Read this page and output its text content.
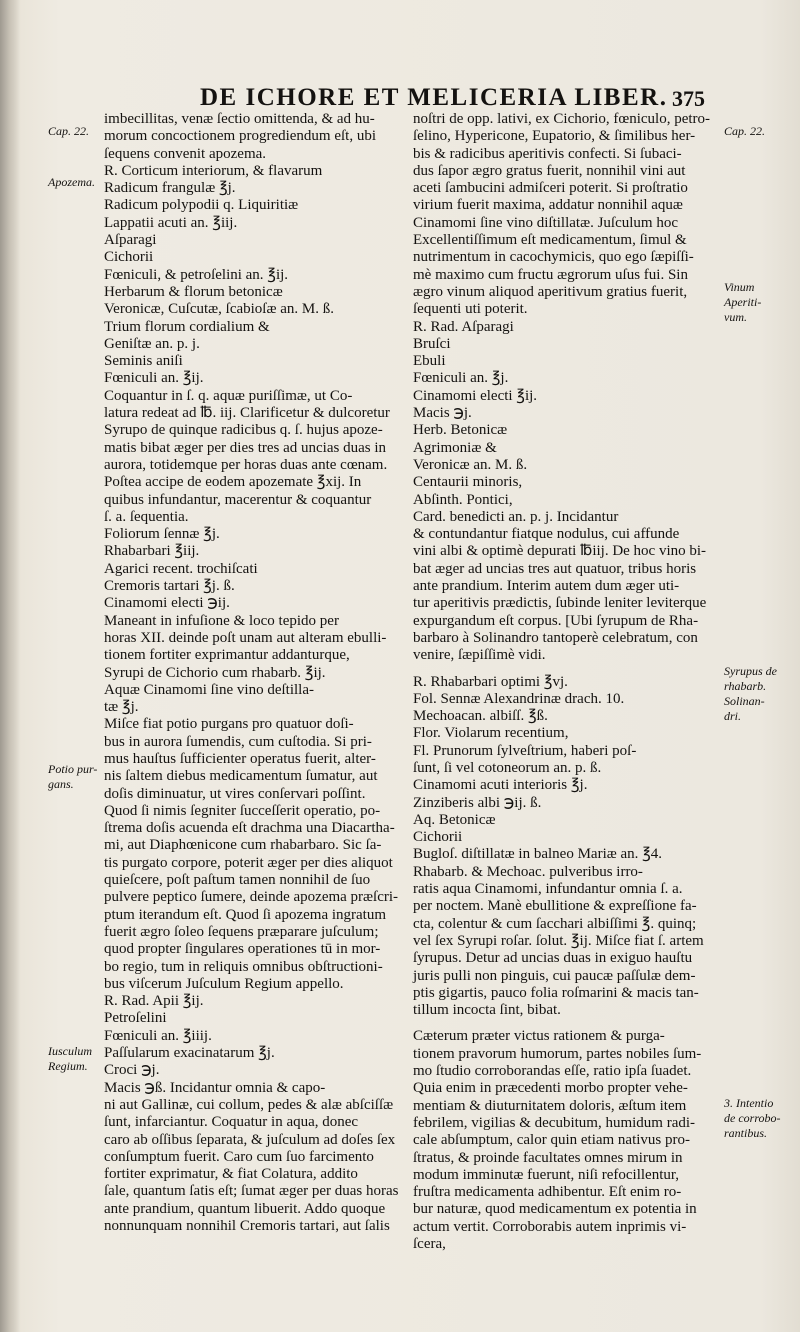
DE ICHORE ET MELICERIA LIBER. 375
Cap. 22.
Apozema.
Potio pur-
gans.
Iusculum
Regium.
Cap. 22.
Vinum
Aperiti-
vum.
Syrupus de
rhabarb.
Solinan-
dri.
3. Intentio
de corrobo-
rantibus.
imbecillitas, venæ ſectio omittenda, & ad hu-
morum concoctionem progrediendum eſt, ubi
ſequens convenit apozema.
R. Corticum interiorum, & flavarum
Radicum frangulæ ℥j.
Radicum polypodii q. Liquiritiæ
Lappatii acuti an. ℥iij.
Aſparagi
Cichorii
Fœniculi, & petroſelini an. ℥ij.
Herbarum & florum betonicæ
Veronicæ, Cuſcutæ, ſcabioſæ an. M. ß.
Trium florum cordialium &
Geniſtæ an. p. j.
Seminis aniſi
Fœniculi an. ℥ij.
Coquantur in ſ. q. aquæ puriſſimæ, ut Co-
latura redeat ad ℔. iij. Clarificetur & dulcoretur
Syrupo de quinque radicibus q. ſ. hujus apoze-
matis bibat æger per dies tres ad uncias duas in
aurora, totidemque per horas duas ante cœnam.
Poſtea accipe de eodem apozemate ℥xij. In
quibus infundantur, macerentur & coquantur
ſ. a. ſequentia.
Foliorum ſennæ ℥j.
Rhabarbari ℥iij.
Agarici recent. trochiſcati
Cremoris tartari ℥j. ß.
Cinamomi electi ℈ij.
Maneant in infuſione & loco tepido per
horas XII. deinde poſt unam aut alteram ebulli-
tionem fortiter exprimantur addanturque,
Syrupi de Cichorio cum rhabarb. ℥ij.
Aquæ Cinamomi ſine vino deſtilla-
tæ ℥j.
Miſce fiat potio purgans pro quatuor doſi-
bus in aurora ſumendis, cum cuſtodia. Si pri-
mus hauſtus ſufficienter operatus fuerit, alter-
nis ſaltem diebus medicamentum ſumatur, aut
doſis diminuatur, ut vires conſervari poſſint.
Quod ſi nimis ſegniter ſucceſſerit operatio, po-
ſtrema doſis acuenda eſt drachma una Diacartha-
mi, aut Diaphœnicone cum rhabarbaro. Sic ſa-
tis purgato corpore, poterit æger per dies aliquot
quieſcere, poſt paſtum tamen nonnihil de ſuo
pulvere peptico ſumere, deinde apozema præſcri-
ptum iterandum eſt. Quod ſi apozema ingratum
fuerit ægro ſoleo ſequens præparare juſculum;
quod propter ſingulares operationes tū in mor-
bo regio, tum in reliquis omnibus obſtructioni-
bus viſcerum Juſculum Regium appello.
R. Rad. Apii ℥ij.
Petroſelini
Fœniculi an. ℥iiij.
Paſſularum exacinatarum ℥j.
Croci ℈j.
Macis ℈ß. Incidantur omnia & capo-
ni aut Gallinæ, cui collum, pedes & alæ abſciſſæ
ſunt, infarciantur. Coquatur in aqua, donec
caro ab oſſibus ſeparata, & juſculum ad doſes ſex
conſumptum fuerit. Caro cum ſuo farcimento
fortiter exprimatur, & fiat Colatura, addito
ſale, quantum ſatis eſt; ſumat æger per duas horas
ante prandium, quantum libuerit. Addo quoque
nonnunquam nonnihil Cremoris tartari, aut ſalis
noſtri de opp. lativi, ex Cichorio, fœniculo, petro-
ſelino, Hypericone, Eupatorio, & ſimilibus her-
bis & radicibus aperitivis confecti. Si ſubaci-
dus ſapor ægro gratus fuerit, nonnihil vini aut
aceti ſambucini admiſceri poterit. Si proſtratio
virium fuerit maxima, addatur nonnihil aquæ
Cinamomi ſine vino diſtillatæ. Juſculum hoc
Excellentiſſimum eſt medicamentum, ſimul &
nutrimentum in cacochymicis, quo ego ſæpiſſi-
mè maximo cum fructu ægrorum uſus fui. Sin
ægro vinum aliquod aperitivum gratius fuerit,
ſequenti uti poterit.
R. Rad. Aſparagi
Bruſci
Ebuli
Fœniculi an. ℥j.
Cinamomi electi ℥ij.
Macis ℈j.
Herb. Betonicæ
Agrimoniæ &
Veronicæ an. M. ß.
Centaurii minoris,
Abſinth. Pontici,
Card. benedicti an. p. j. Incidantur
& contundantur fiatque nodulus, cui affunde
vini albi & optimè depurati ℔iij. De hoc vino bi-
bat æger ad uncias tres aut quatuor, tribus horis
ante prandium. Interim autem dum æger uti-
tur aperitivis prædictis, ſubinde leniter leviterque
expurgandum eſt corpus. [Ubi ſyrupum de Rha-
barbaro à Solinandro tantoperè celebratum, con
venire, ſæpiſſimè vidi.
R. Rhabarbari optimi ℥vj.
Fol. Sennæ Alexandrinæ drach. 10.
Mechoacan. albiſſ. ℥ß.
Flor. Violarum recentium,
Fl. Prunorum ſylveſtrium, haberi poſ-
ſunt, ſi vel cotoneorum an. p. ß.
Cinamomi acuti interioris ℥j.
Zinziberis albi ℈ij. ß.
Aq. Betonicæ
Cichorii
Bugloſ. diſtillatæ in balneo Mariæ an. ℥4.
Rhabarb. & Mechoac. pulveribus irro-
ratis aqua Cinamomi, infundantur omnia ſ. a.
per noctem. Manè ebullitione & expreſſione fa-
cta, colentur & cum ſacchari albiſſimi ℥. quinq;
vel ſex Syrupi roſar. ſolut. ℥ij. Miſce fiat ſ. artem
ſyrupus. Detur ad uncias duas in exiguo hauſtu
juris pulli non pinguis, cui paucæ paſſulæ dem-
ptis gigartis, pauco folia roſmarini & macis tan-
tillum incocta ſint, bibat.
Cæterum præter victus rationem & purga-
tionem pravorum humorum, partes nobiles ſum-
mo ſtudio corroborandas eſſe, ratio ipſa ſuadet.
Quia enim in præcedenti morbo propter vehe-
mentiam & diuturnitatem doloris, æſtum item
febrilem, vigilias & decubitum, humidum radi-
cale abſumptum, calor quin etiam nativus pro-
ſtratus, & proinde facultates omnes mirum in
modum imminutæ fuerunt, niſi refocillentur,
fruſtra medicamenta adhibentur. Eſt enim ro-
bur naturæ, quod medicamentum ex potentia in
actum vertit. Corroborabis autem inprimis vi-
ſcera,
